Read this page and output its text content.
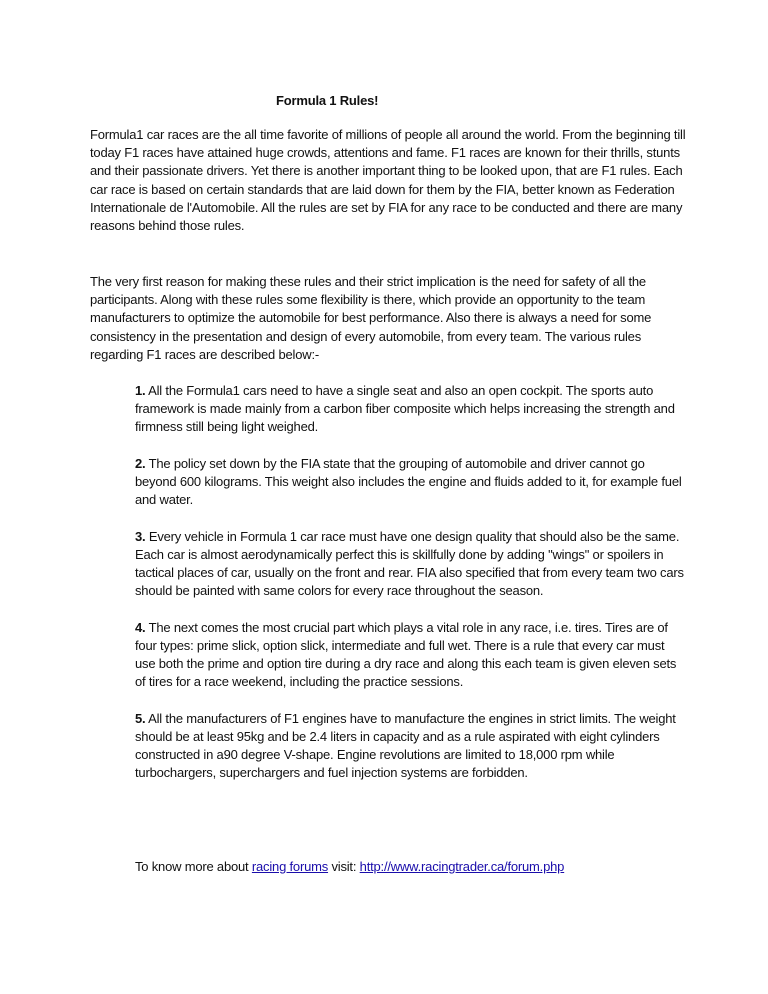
Formula 1 Rules!

Formula1 car races are the all time favorite of millions of people all around the world. From the beginning till today F1 races have attained huge crowds, attentions and fame. F1 races are known for their thrills, stunts and their passionate drivers. Yet there is another important thing to be looked upon, that are F1 rules. Each car race is based on certain standards that are laid down for them by the FIA, better known as Federation Internationale de l'Automobile. All the rules are set by FIA for any race to be conducted and there are many reasons behind those rules.

The very first reason for making these rules and their strict implication is the need for safety of all the participants. Along with these rules some flexibility is there, which provide an opportunity to the team manufacturers to optimize the automobile for best performance. Also there is always a need for some consistency in the presentation and design of every automobile, from every team. The various rules regarding F1 races are described below:-

1. All the Formula1 cars need to have a single seat and also an open cockpit. The sports auto framework is made mainly from a carbon fiber composite which helps increasing the strength and firmness still being light weighed.
2. The policy set down by the FIA state that the grouping of automobile and driver cannot go beyond 600 kilograms. This weight also includes the engine and fluids added to it, for example fuel and water.
3. Every vehicle in Formula 1 car race must have one design quality that should also be the same. Each car is almost aerodynamically perfect this is skillfully done by adding "wings" or spoilers in tactical places of car, usually on the front and rear. FIA also specified that from every team two cars should be painted with same colors for every race throughout the season.
4. The next comes the most crucial part which plays a vital role in any race, i.e. tires. Tires are of four types: prime slick, option slick, intermediate and full wet. There is a rule that every car must use both the prime and option tire during a dry race and along this each team is given eleven sets of tires for a race weekend, including the practice sessions.
5. All the manufacturers of F1 engines have to manufacture the engines in strict limits. The weight should be at least 95kg and be 2.4 liters in capacity and as a rule aspirated with eight cylinders constructed in a90 degree V-shape. Engine revolutions are limited to 18,000 rpm while turbochargers, superchargers and fuel injection systems are forbidden.
To know more about racing forums visit: http://www.racingtrader.ca/forum.php
